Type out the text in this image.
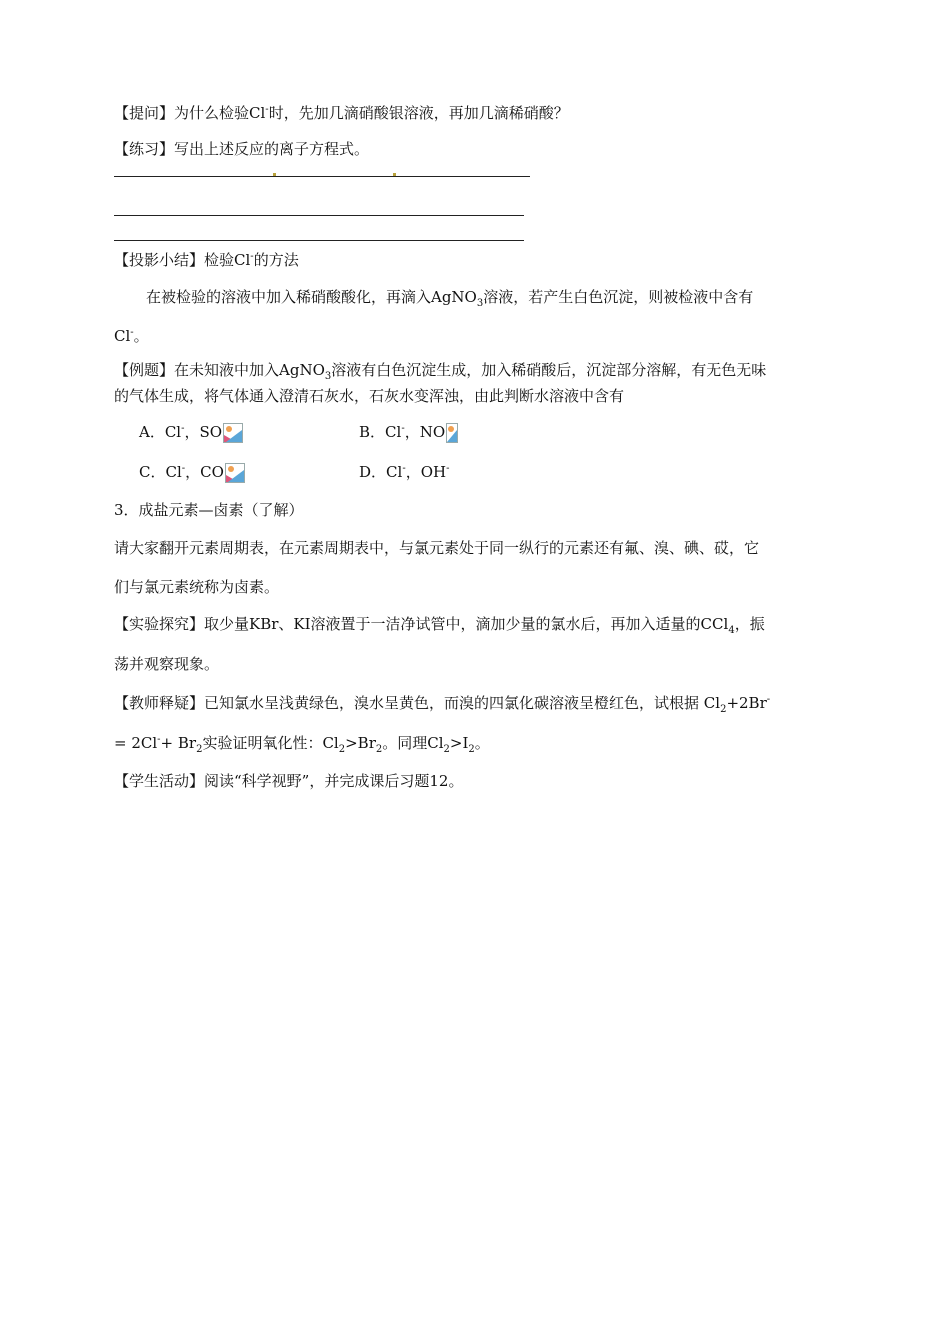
【提问】为什么检验Cl-时，先加几滴硝酸银溶液，再加几滴稀硝酸？
【练习】写出上述反应的离子方程式。
【投影小结】检验Cl-的方法
在被检验的溶液中加入稀硝酸酸化，再滴入AgNO$_3$溶液，若产生白色沉淀，则被检液中含有
Cl-。
【例题】在未知液中加入AgNO$_3$溶液有白色沉淀生成，加入稀硝酸后，沉淀部分溶解，有无色无味
的气体生成，将气体通入澄清石灰水，石灰水变浑浊，由此判断水溶液中含有
A．Cl-，SO	B．Cl-，NO
C．Cl-，CO	D．Cl-，OH-
3．成盐元素—卤素（了解）
请大家翻开元素周期表，在元素周期表中，与氯元素处于同一纵行的元素还有氟、溴、碘、砹，它
们与氯元素统称为卤素。
【实验探究】取少量KBr、KI溶液置于一洁净试管中，滴加少量的氯水后，再加入适量的CCl$_4$，振
荡并观察现象。
【教师释疑】已知氯水呈浅黄绿色，溴水呈黄色，而溴的四氯化碳溶液呈橙红色，试根据 $Cl_2+2Br^-$
= $2Cl^-+ Br_2$实验证明氧化性：$Cl_2>Br_2$。同理$Cl_2>I_2$。
【学生活动】阅读“科学视野”，并完成课后习题12。
